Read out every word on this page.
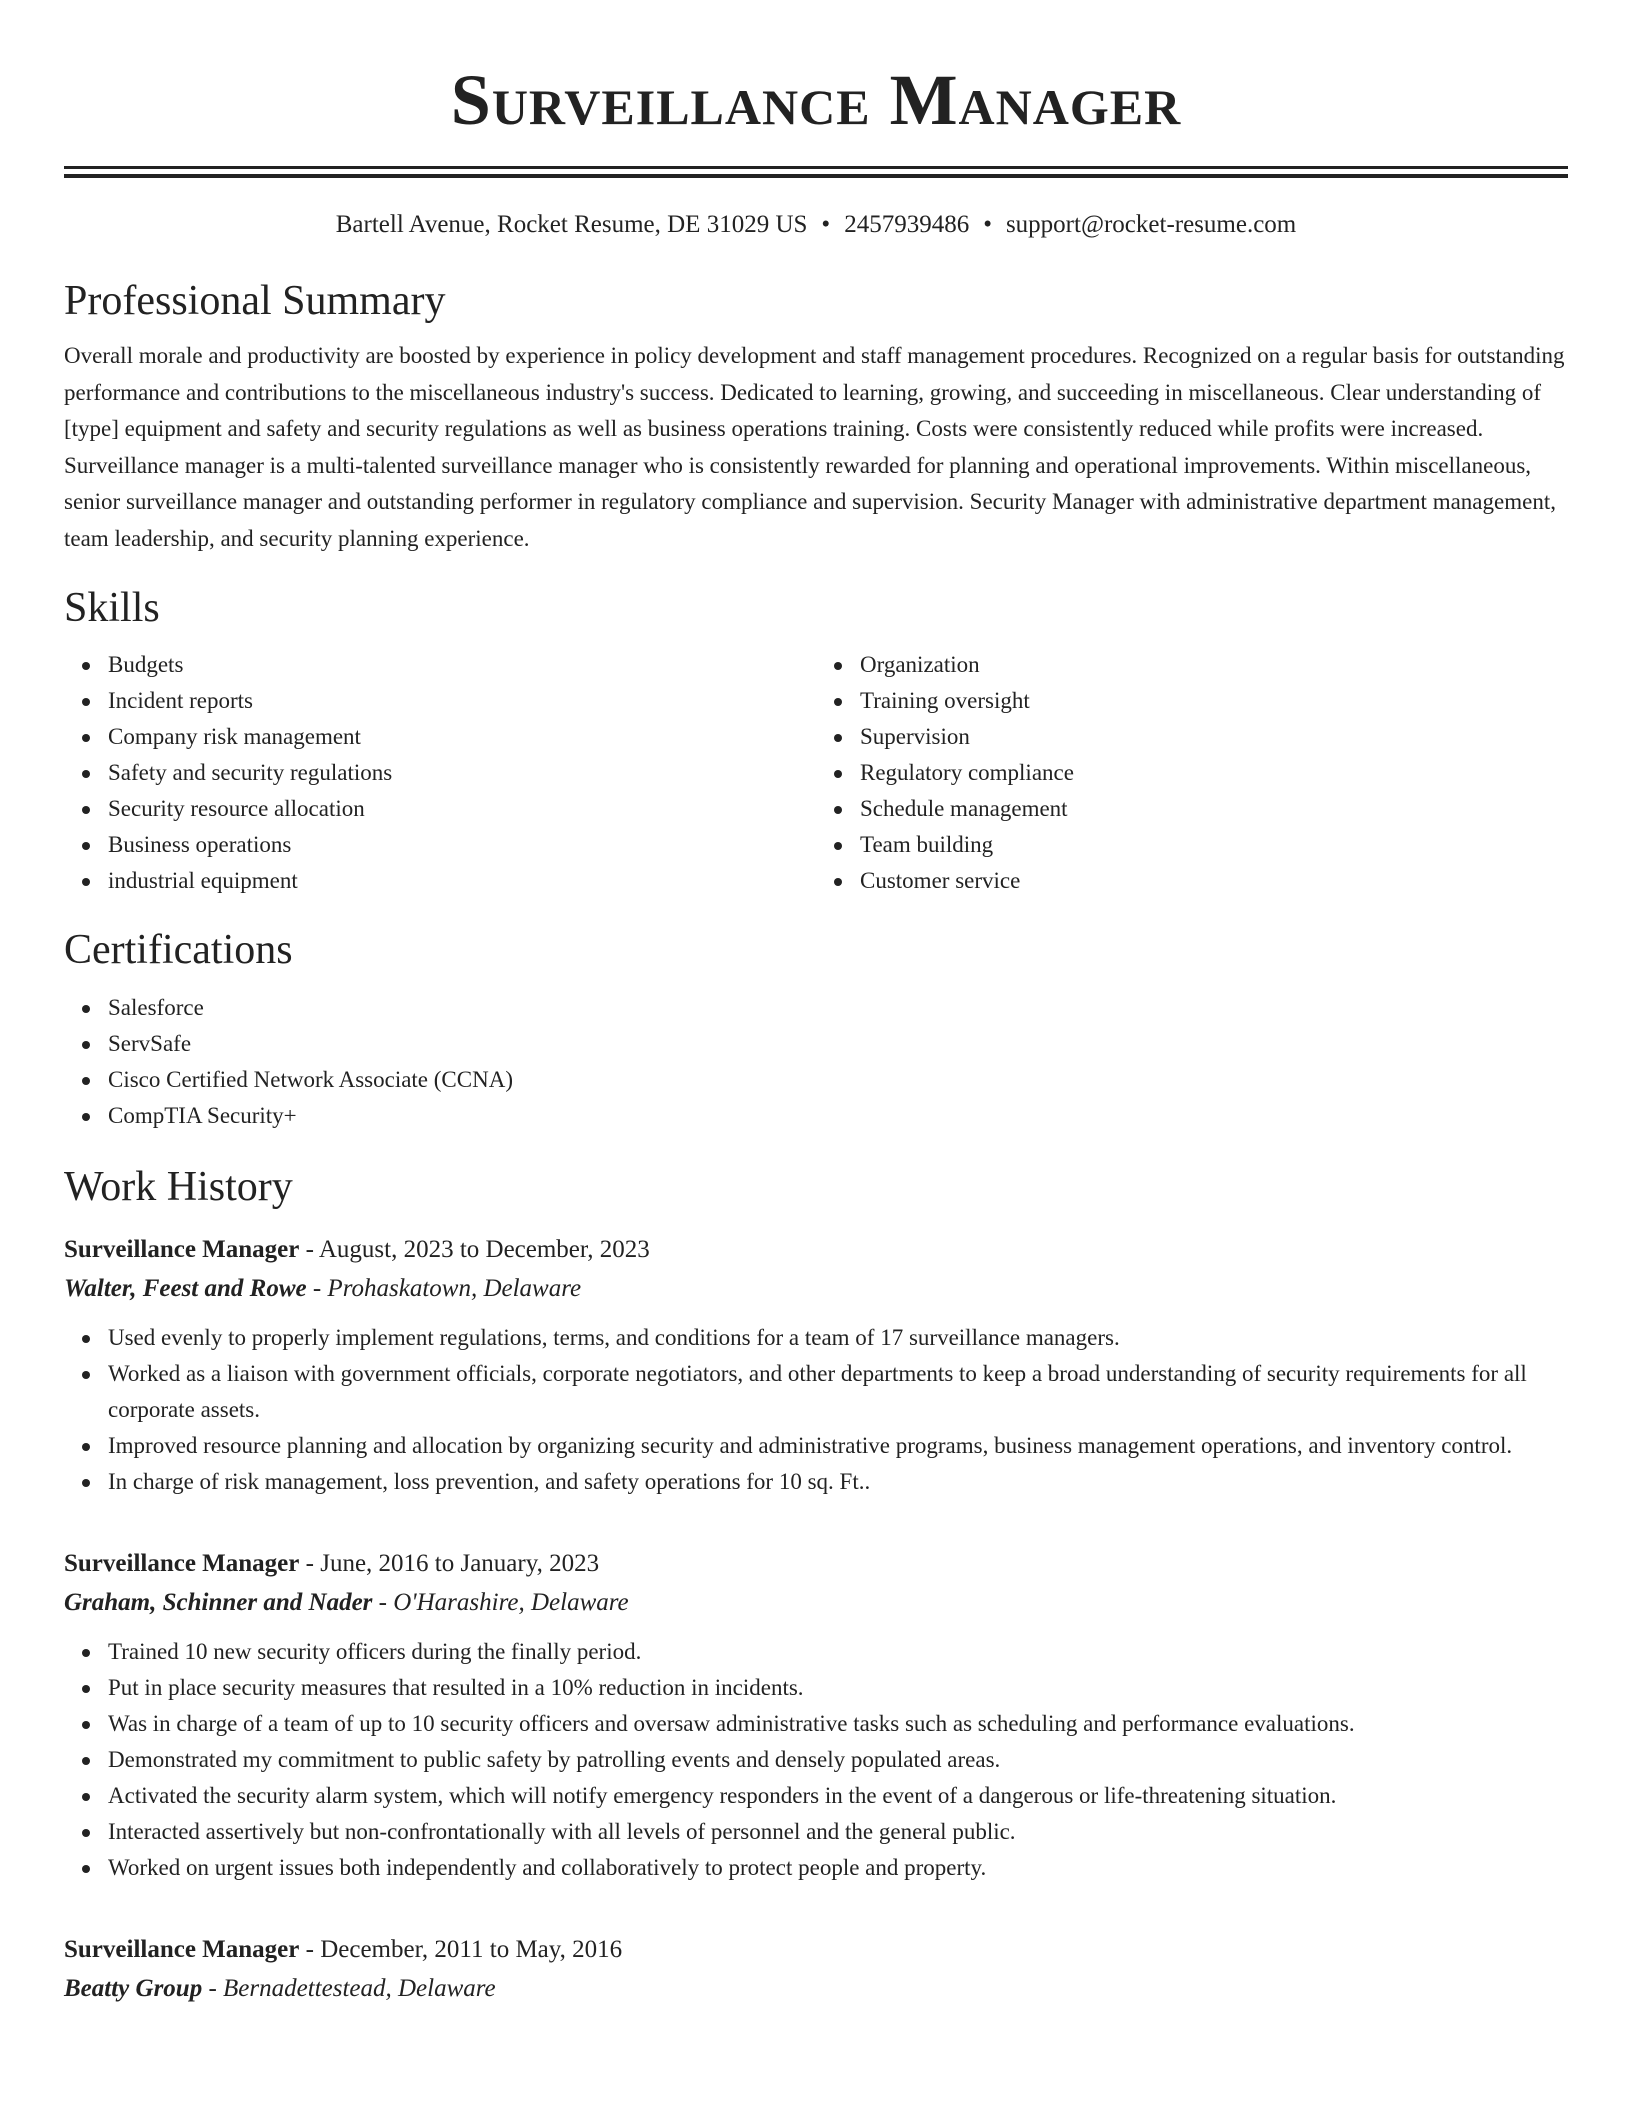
Surveillance Manager
Bartell Avenue, Rocket Resume, DE 31029 US • 2457939486 • support@rocket-resume.com
Professional Summary

Overall morale and productivity are boosted by experience in policy development and staff management procedures. Recognized on a regular basis for outstanding performance and contributions to the miscellaneous industry's success. Dedicated to learning, growing, and succeeding in miscellaneous. Clear understanding of [type] equipment and safety and security regulations as well as business operations training. Costs were consistently reduced while profits were increased. Surveillance manager is a multi-talented surveillance manager who is consistently rewarded for planning and operational improvements. Within miscellaneous, senior surveillance manager and outstanding performer in regulatory compliance and supervision. Security Manager with administrative department management, team leadership, and security planning experience.

Skills
Budgets
Incident reports
Company risk management
Safety and security regulations
Security resource allocation
Business operations
industrial equipment
Organization
Training oversight
Supervision
Regulatory compliance
Schedule management
Team building
Customer service
Certifications
Salesforce
ServSafe
Cisco Certified Network Associate (CCNA)
CompTIA Security+
Work History
Surveillance Manager - August, 2023 to December, 2023
Walter, Feest and Rowe - Prohaskatown, Delaware
Used evenly to properly implement regulations, terms, and conditions for a team of 17 surveillance managers.
Worked as a liaison with government officials, corporate negotiators, and other departments to keep a broad understanding of security requirements for all corporate assets.
Improved resource planning and allocation by organizing security and administrative programs, business management operations, and inventory control.
In charge of risk management, loss prevention, and safety operations for 10 sq. Ft..
Surveillance Manager - June, 2016 to January, 2023
Graham, Schinner and Nader - O'Harashire, Delaware
Trained 10 new security officers during the finally period.
Put in place security measures that resulted in a 10% reduction in incidents.
Was in charge of a team of up to 10 security officers and oversaw administrative tasks such as scheduling and performance evaluations.
Demonstrated my commitment to public safety by patrolling events and densely populated areas.
Activated the security alarm system, which will notify emergency responders in the event of a dangerous or life-threatening situation.
Interacted assertively but non-confrontationally with all levels of personnel and the general public.
Worked on urgent issues both independently and collaboratively to protect people and property.
Surveillance Manager - December, 2011 to May, 2016
Beatty Group - Bernadettestead, Delaware
